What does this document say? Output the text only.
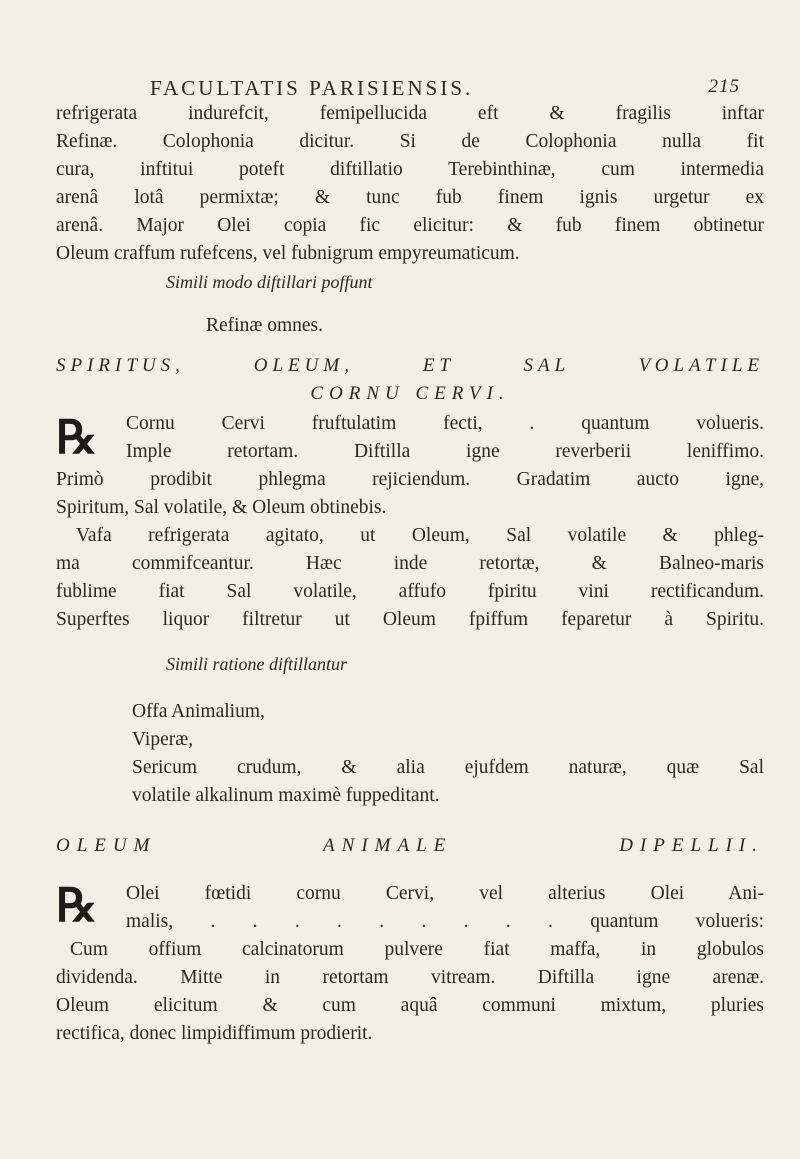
FACULTATIS PARISIENSIS.	215
refrigerata indurefcit, femipellucida eft & fragilis inftar
Refinæ. Colophonia dicitur. Si de Colophonia nulla fit
cura, inftitui poteft diftillatio Terebinthinæ, cum intermedia
arenâ lotâ permixtæ; & tunc fub finem ignis urgetur ex
arenâ. Major Olei copia fic elicitur: & fub finem obtinetur
Oleum craffum rufefcens, vel fubnigrum empyreumaticum.
Simili modo diftillari poffunt
Refinæ omnes.
SPIRITUS, OLEUM, ET SAL VOLATILE
CORNU CERVI.
℞	Cornu Cervi fruftulatim fecti, . quantum volueris.
Imple retortam. Diftilla igne reverberii leniffimo.
Primò prodibit phlegma rejiciendum. Gradatim aucto igne,
Spiritum, Sal volatile, & Oleum obtinebis.
Vafa refrigerata agitato, ut Oleum, Sal volatile & phleg-
ma commifceantur. Hæc inde retortæ, & Balneo-maris
fublime fiat Sal volatile, affufo fpiritu vini rectificandum.
Superftes liquor filtretur ut Oleum fpiffum feparetur à Spiritu.
Simili ratione diftillantur
Offa Animalium,
Viperæ,
Sericum crudum, & alia ejufdem naturæ, quæ Sal
volatile alkalinum maximè fuppeditant.
OLEUM ANIMALE DIPELLII.
℞	Olei fœtidi cornu Cervi, vel alterius Olei Ani-
malis, . . . . . . . . . quantum volueris:
Cum offium calcinatorum pulvere fiat maffa, in globulos
dividenda. Mitte in retortam vitream. Diftilla igne arenæ.
Oleum elicitum & cum aquâ communi mixtum, pluries
rectifica, donec limpidiffimum prodierit.
